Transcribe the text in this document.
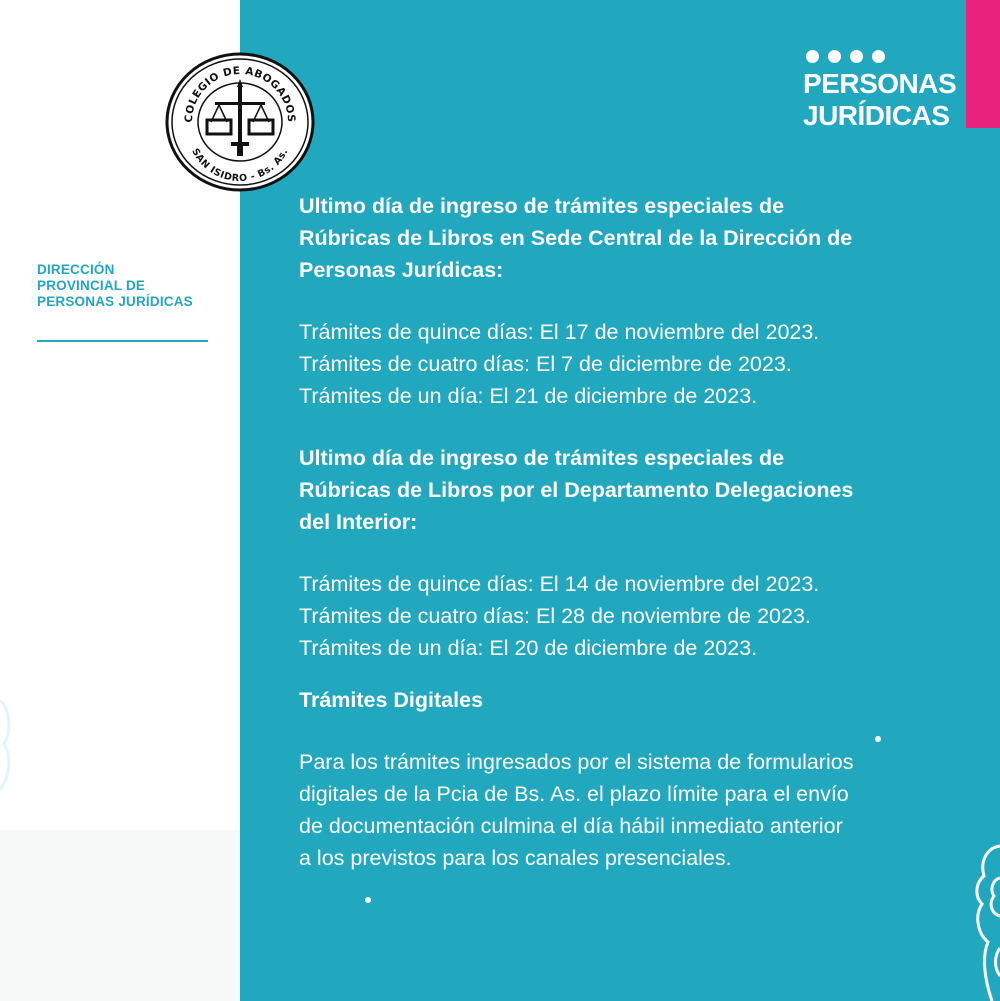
COLEGIO DE ABOGADOS
SAN ISIDRO - Bs. As.
DIRECCIÓN
PROVINCIAL DE
PERSONAS JURÍDICAS
PERSONAS
JURÍDICAS

Ultimo día de ingreso de trámites especiales de

Rúbricas de Libros en Sede Central de la Dirección de

Personas Jurídicas:

Trámites de quince días: El 17 de noviembre del 2023.

Trámites de cuatro días: El 7 de diciembre de 2023.

Trámites de un día: El 21 de diciembre de 2023.

Ultimo día de ingreso de trámites especiales de

Rúbricas de Libros por el Departamento Delegaciones

del Interior:

Trámites de quince días: El 14 de noviembre del 2023.

Trámites de cuatro días: El 28 de noviembre de 2023.

Trámites de un día: El 20 de diciembre de 2023.

Trámites Digitales

Para los trámites ingresados por el sistema de formularios

digitales de la Pcia de Bs. As. el plazo límite para el envío

de documentación culmina el día hábil inmediato anterior

a los previstos para los canales presenciales.
